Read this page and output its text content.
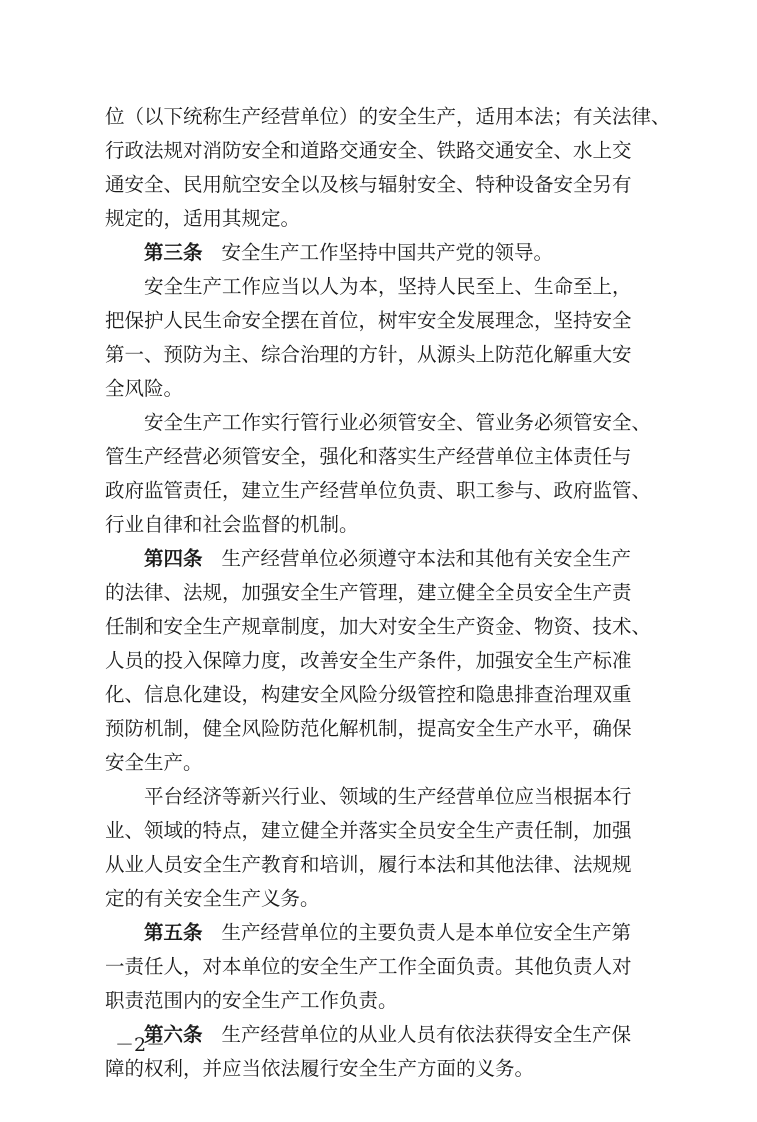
位（以下统称生产经营单位）的安全生产，适用本法；有关法律、
行政法规对消防安全和道路交通安全、铁路交通安全、水上交
通安全、民用航空安全以及核与辐射安全、特种设备安全另有
规定的，适用其规定。
第三条 安全生产工作坚持中国共产党的领导。
安全生产工作应当以人为本，坚持人民至上、生命至上，
把保护人民生命安全摆在首位，树牢安全发展理念，坚持安全
第一、预防为主、综合治理的方针，从源头上防范化解重大安
全风险。
安全生产工作实行管行业必须管安全、管业务必须管安全、
管生产经营必须管安全，强化和落实生产经营单位主体责任与
政府监管责任，建立生产经营单位负责、职工参与、政府监管、
行业自律和社会监督的机制。
第四条 生产经营单位必须遵守本法和其他有关安全生产
的法律、法规，加强安全生产管理，建立健全全员安全生产责
任制和安全生产规章制度，加大对安全生产资金、物资、技术、
人员的投入保障力度，改善安全生产条件，加强安全生产标准
化、信息化建设，构建安全风险分级管控和隐患排查治理双重
预防机制，健全风险防范化解机制，提高安全生产水平，确保
安全生产。
平台经济等新兴行业、领域的生产经营单位应当根据本行
业、领域的特点，建立健全并落实全员安全生产责任制，加强
从业人员安全生产教育和培训，履行本法和其他法律、法规规
定的有关安全生产义务。
第五条 生产经营单位的主要负责人是本单位安全生产第
一责任人，对本单位的安全生产工作全面负责。其他负责人对
职责范围内的安全生产工作负责。
第六条 生产经营单位的从业人员有依法获得安全生产保
障的权利，并应当依法履行安全生产方面的义务。
－2－
